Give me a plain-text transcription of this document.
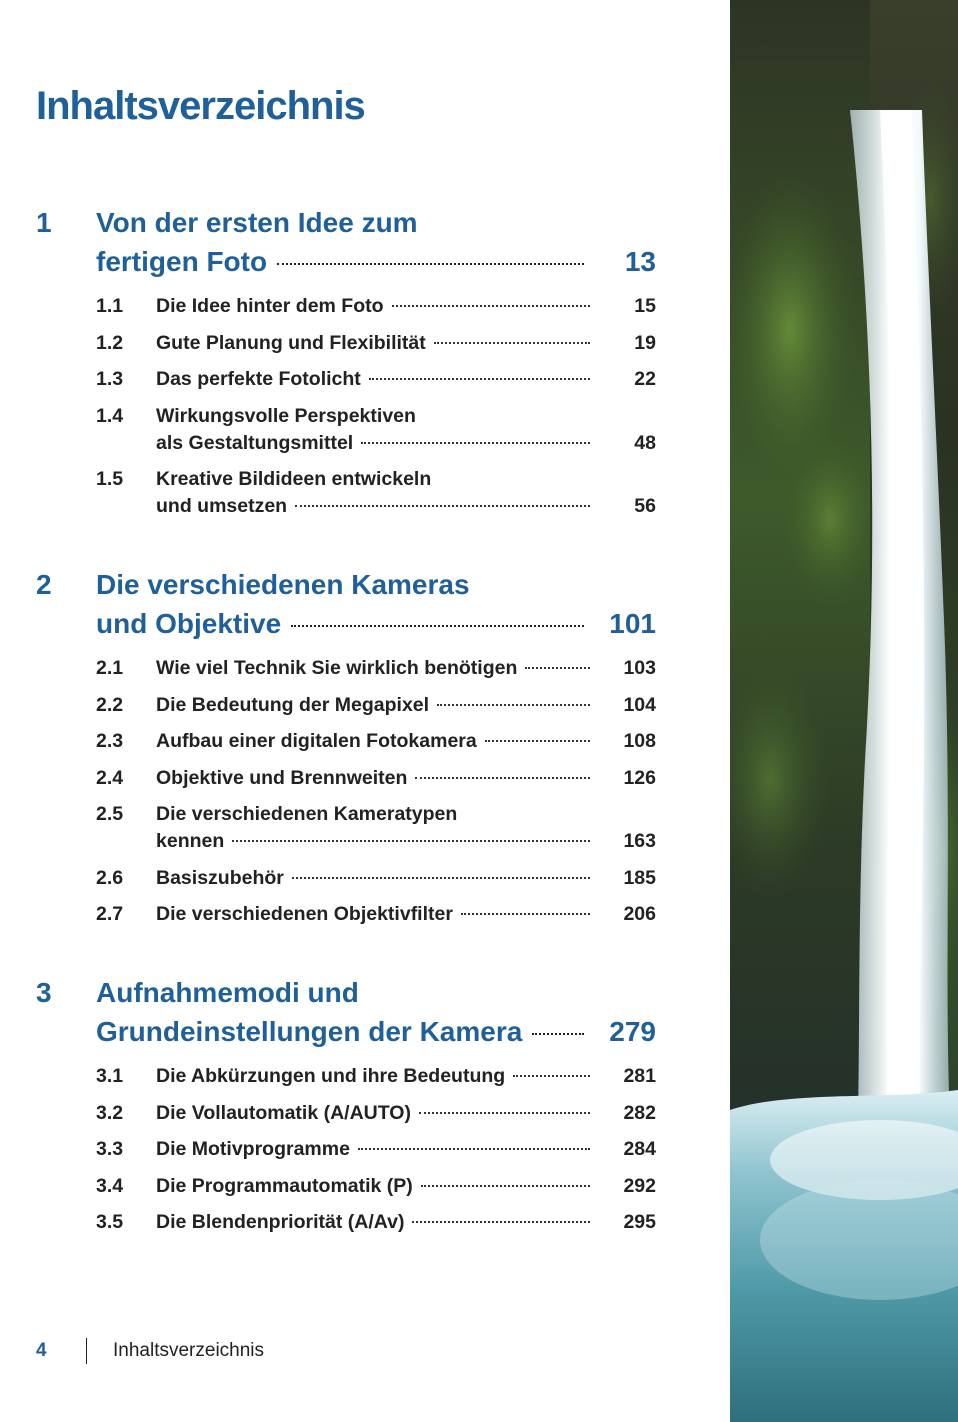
Inhaltsverzeichnis
1 Von der ersten Idee zum
fertigen Foto	13
1.1 Die Idee hinter dem Foto	15
1.2 Gute Planung und Flexibilität	19
1.3 Das perfekte Fotolicht	22
1.4 Wirkungsvolle Perspektiven
als Gestaltungsmittel	48
1.5 Kreative Bildideen entwickeln
und umsetzen	56
2 Die verschiedenen Kameras
und Objektive	101
2.1 Wie viel Technik Sie wirklich benötigen	103
2.2 Die Bedeutung der Megapixel	104
2.3 Aufbau einer digitalen Fotokamera	108
2.4 Objektive und Brennweiten	126
2.5 Die verschiedenen Kameratypen
kennen	163
2.6 Basiszubehör	185
2.7 Die verschiedenen Objektivfilter	206
3 Aufnahmemodi und
Grundeinstellungen der Kamera	279
3.1 Die Abkürzungen und ihre Bedeutung	281
3.2 Die Vollautomatik (A/AUTO)	282
3.3 Die Motivprogramme	284
3.4 Die Programmautomatik (P)	292
3.5 Die Blendenpriorität (A/Av)	295
4	Inhaltsverzeichnis
